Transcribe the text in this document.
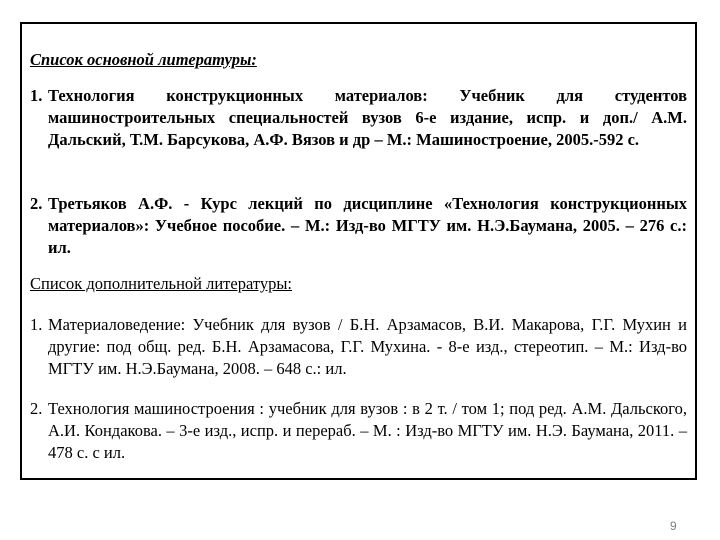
Список основной литературы:

1. Технология конструкционных материалов: Учебник для студентов машиностроительных специальностей вузов 6-е издание, испр. и доп./ А.М. Дальский, Т.М. Барсукова, А.Ф. Вязов и др – М.: Машиностроение, 2005.-592 с.

2. Третьяков А.Ф. - Курс лекций по дисциплине «Технология конструкционных материалов»: Учебное пособие. – М.: Изд-во МГТУ им. Н.Э.Баумана, 2005. – 276 с.: ил.

Список дополнительной литературы:

1. Материаловедение: Учебник для вузов / Б.Н. Арзамасов, В.И. Макарова, Г.Г. Мухин и другие: под общ. ред. Б.Н. Арзамасова, Г.Г. Мухина. - 8-е изд., стереотип. – М.: Изд-во МГТУ им. Н.Э.Баумана, 2008. – 648 с.: ил.

2. Технология машиностроения : учебник для вузов : в 2 т. / том 1; под ред. А.М. Дальского, А.И. Кондакова. – 3-е изд., испр. и перераб. – М. : Изд-во МГТУ им. Н.Э. Баумана, 2011. – 478 с. с ил.

9
